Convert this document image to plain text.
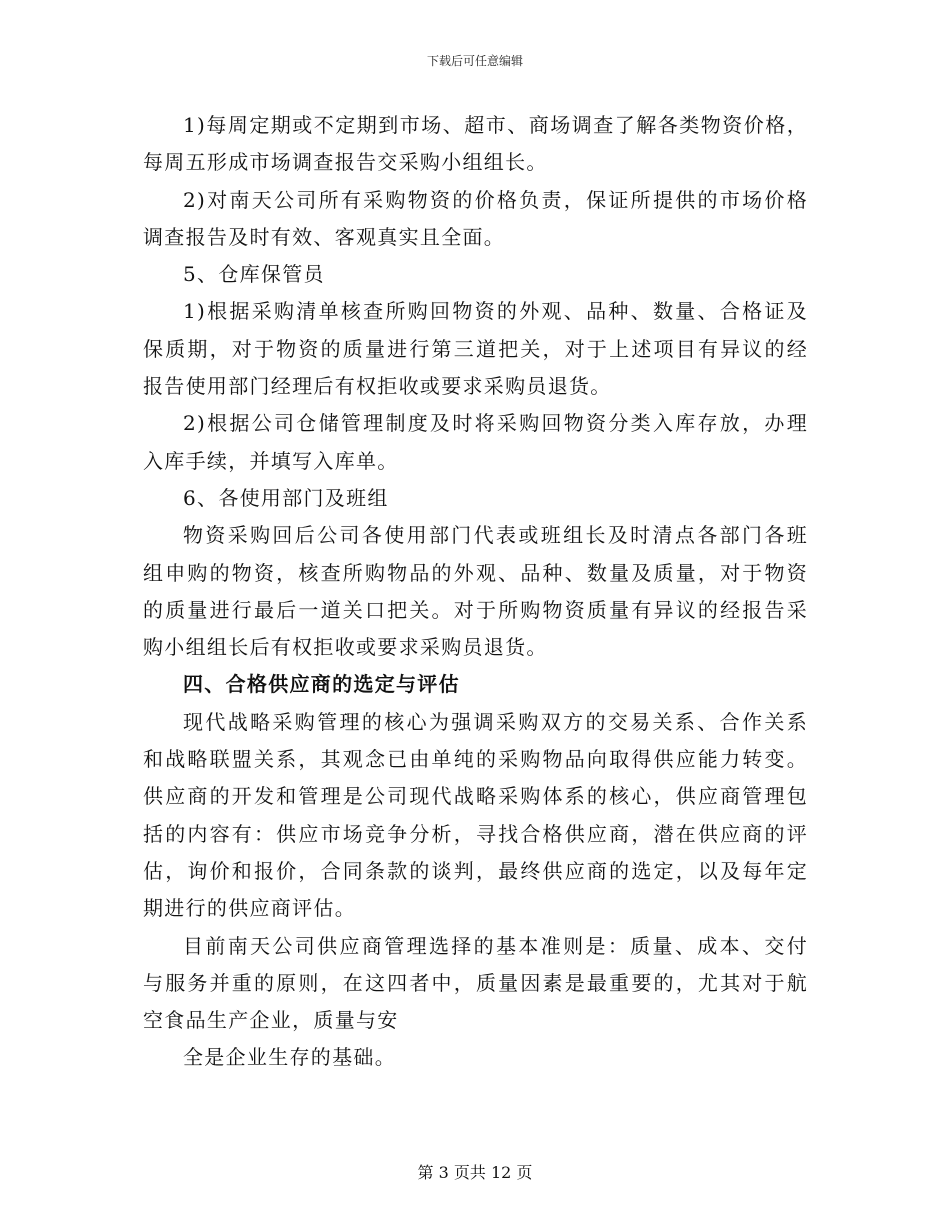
下载后可任意编辑
1)每周定期或不定期到市场、超市、商场调查了解各类物资价格，
每周五形成市场调查报告交采购小组组长。
2)对南天公司所有采购物资的价格负责，保证所提供的市场价格
调查报告及时有效、客观真实且全面。
5、仓库保管员
1)根据采购清单核查所购回物资的外观、品种、数量、合格证及
保质期，对于物资的质量进行第三道把关，对于上述项目有异议的经
报告使用部门经理后有权拒收或要求采购员退货。
2)根据公司仓储管理制度及时将采购回物资分类入库存放，办理
入库手续，并填写入库单。
6、各使用部门及班组
物资采购回后公司各使用部门代表或班组长及时清点各部门各班
组申购的物资，核查所购物品的外观、品种、数量及质量，对于物资
的质量进行最后一道关口把关。对于所购物资质量有异议的经报告采
购小组组长后有权拒收或要求采购员退货。
四、合格供应商的选定与评估
现代战略采购管理的核心为强调采购双方的交易关系、合作关系
和战略联盟关系，其观念已由单纯的采购物品向取得供应能力转变。
供应商的开发和管理是公司现代战略采购体系的核心，供应商管理包
括的内容有：供应市场竞争分析，寻找合格供应商，潜在供应商的评
估，询价和报价，合同条款的谈判，最终供应商的选定，以及每年定
期进行的供应商评估。
目前南天公司供应商管理选择的基本准则是：质量、成本、交付
与服务并重的原则，在这四者中，质量因素是最重要的，尤其对于航
空食品生产企业，质量与安
全是企业生存的基础。
第 3 页共 12 页
